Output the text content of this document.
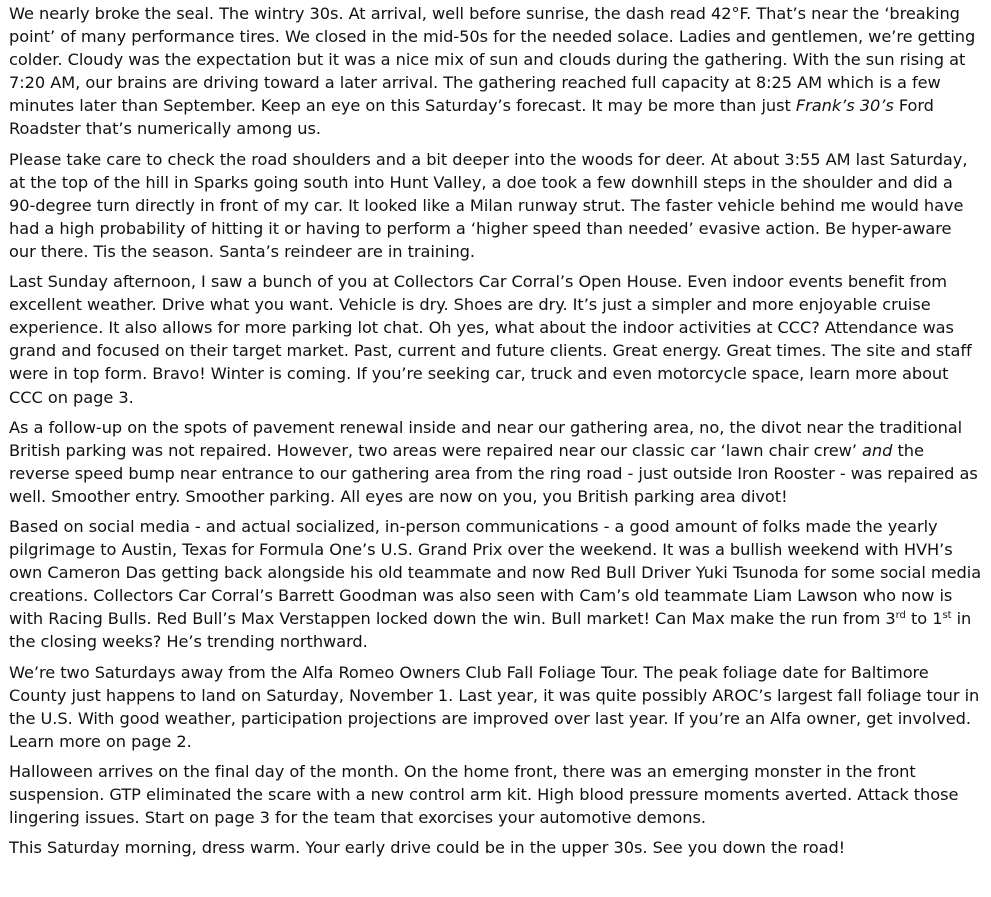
We nearly broke the seal. The wintry 30s. At arrival, well before sunrise, the dash read 42°F. That’s near the ‘breaking point’ of many performance tires. We closed in the mid-50s for the needed solace. Ladies and gentlemen, we’re getting colder. Cloudy was the expectation but it was a nice mix of sun and clouds during the gathering. With the sun rising at 7:20 AM, our brains are driving toward a later arrival. The gathering reached full capacity at 8:25 AM which is a few minutes later than September. Keep an eye on this Saturday’s forecast. It may be more than just Frank’s 30’s Ford Roadster that’s numerically among us.

Please take care to check the road shoulders and a bit deeper into the woods for deer. At about 3:55 AM last Saturday, at the top of the hill in Sparks going south into Hunt Valley, a doe took a few downhill steps in the shoulder and did a 90-degree turn directly in front of my car. It looked like a Milan runway strut. The faster vehicle behind me would have had a high probability of hitting it or having to perform a ‘higher speed than needed’ evasive action. Be hyper-aware our there. Tis the season. Santa’s reindeer are in training.

Last Sunday afternoon, I saw a bunch of you at Collectors Car Corral’s Open House. Even indoor events benefit from excellent weather. Drive what you want. Vehicle is dry. Shoes are dry. It’s just a simpler and more enjoyable cruise experience. It also allows for more parking lot chat. Oh yes, what about the indoor activities at CCC? Attendance was grand and focused on their target market. Past, current and future clients. Great energy. Great times. The site and staff were in top form. Bravo! Winter is coming. If you’re seeking car, truck and even motorcycle space, learn more about CCC on page 3.

As a follow-up on the spots of pavement renewal inside and near our gathering area, no, the divot near the traditional British parking was not repaired. However, two areas were repaired near our classic car ‘lawn chair crew’ and the reverse speed bump near entrance to our gathering area from the ring road - just outside Iron Rooster - was repaired as well. Smoother entry. Smoother parking. All eyes are now on you, you British parking area divot!

Based on social media - and actual socialized, in-person communications - a good amount of folks made the yearly pilgrimage to Austin, Texas for Formula One’s U.S. Grand Prix over the weekend. It was a bullish weekend with HVH’s own Cameron Das getting back alongside his old teammate and now Red Bull Driver Yuki Tsunoda for some social media creations. Collectors Car Corral’s Barrett Goodman was also seen with Cam’s old teammate Liam Lawson who now is with Racing Bulls. Red Bull’s Max Verstappen locked down the win. Bull market! Can Max make the run from 3rd to 1st in the closing weeks? He’s trending northward.

We’re two Saturdays away from the Alfa Romeo Owners Club Fall Foliage Tour. The peak foliage date for Baltimore County just happens to land on Saturday, November 1. Last year, it was quite possibly AROC’s largest fall foliage tour in the U.S. With good weather, participation projections are improved over last year. If you’re an Alfa owner, get involved. Learn more on page 2.

Halloween arrives on the final day of the month. On the home front, there was an emerging monster in the front suspension. GTP eliminated the scare with a new control arm kit. High blood pressure moments averted. Attack those lingering issues. Start on page 3 for the team that exorcises your automotive demons.

This Saturday morning, dress warm. Your early drive could be in the upper 30s. See you down the road!
